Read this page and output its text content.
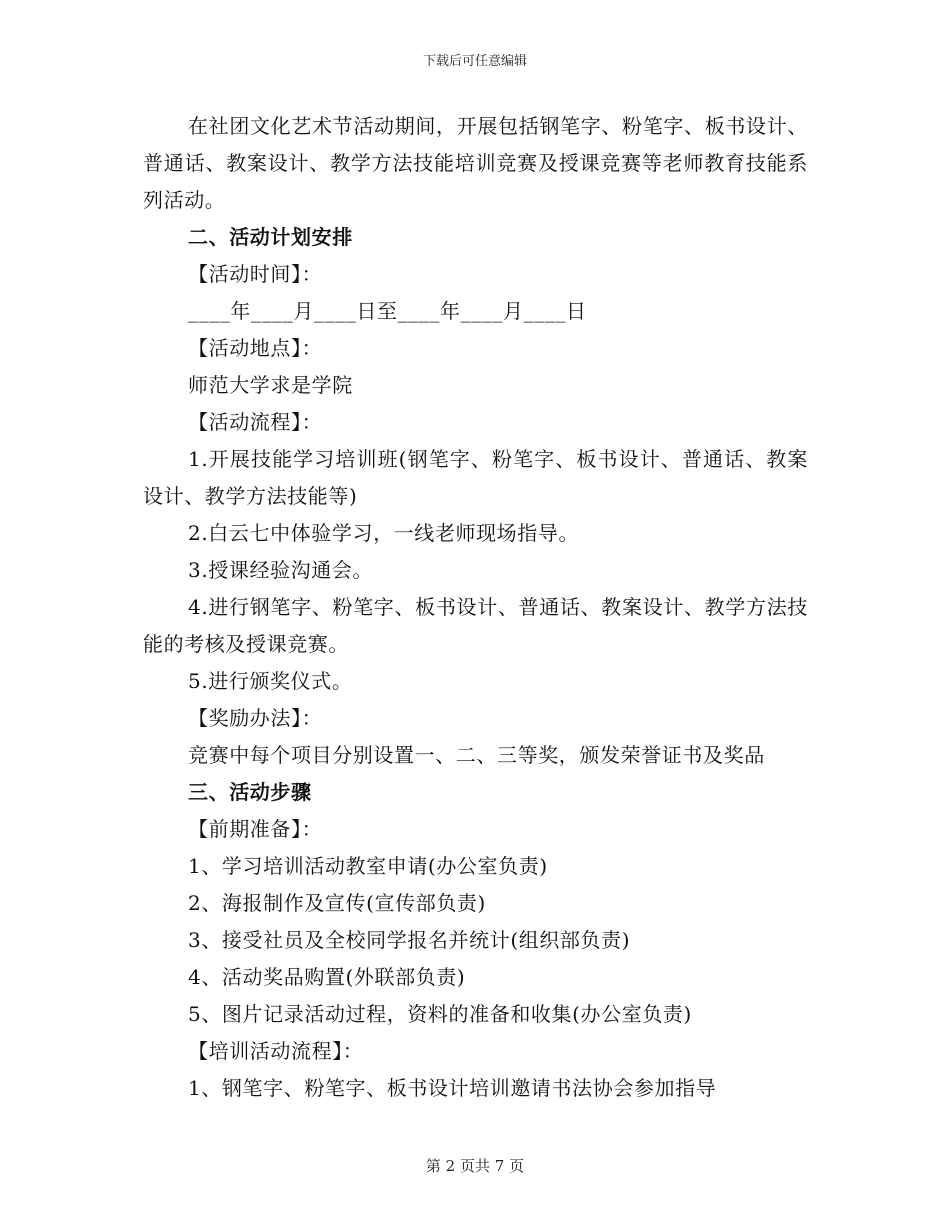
下载后可任意编辑

在社团文化艺术节活动期间，开展包括钢笔字、粉笔字、板书设计、普通话、教案设计、教学方法技能培训竞赛及授课竞赛等老师教育技能系列活动。

二、活动计划安排

【活动时间】：

____年____月____日至____年____月____日

【活动地点】：

师范大学求是学院

【活动流程】：

1.开展技能学习培训班(钢笔字、粉笔字、板书设计、普通话、教案设计、教学方法技能等)

2.白云七中体验学习，一线老师现场指导。

3.授课经验沟通会。

4.进行钢笔字、粉笔字、板书设计、普通话、教案设计、教学方法技能的考核及授课竞赛。

5.进行颁奖仪式。

【奖励办法】：

竞赛中每个项目分别设置一、二、三等奖，颁发荣誉证书及奖品

三、活动步骤

【前期准备】：

1、学习培训活动教室申请(办公室负责)

2、海报制作及宣传(宣传部负责)

3、接受社员及全校同学报名并统计(组织部负责)

4、活动奖品购置(外联部负责)

5、图片记录活动过程，资料的准备和收集(办公室负责)

【培训活动流程】：

1、钢笔字、粉笔字、板书设计培训邀请书法协会参加指导

第 2 页共 7 页
